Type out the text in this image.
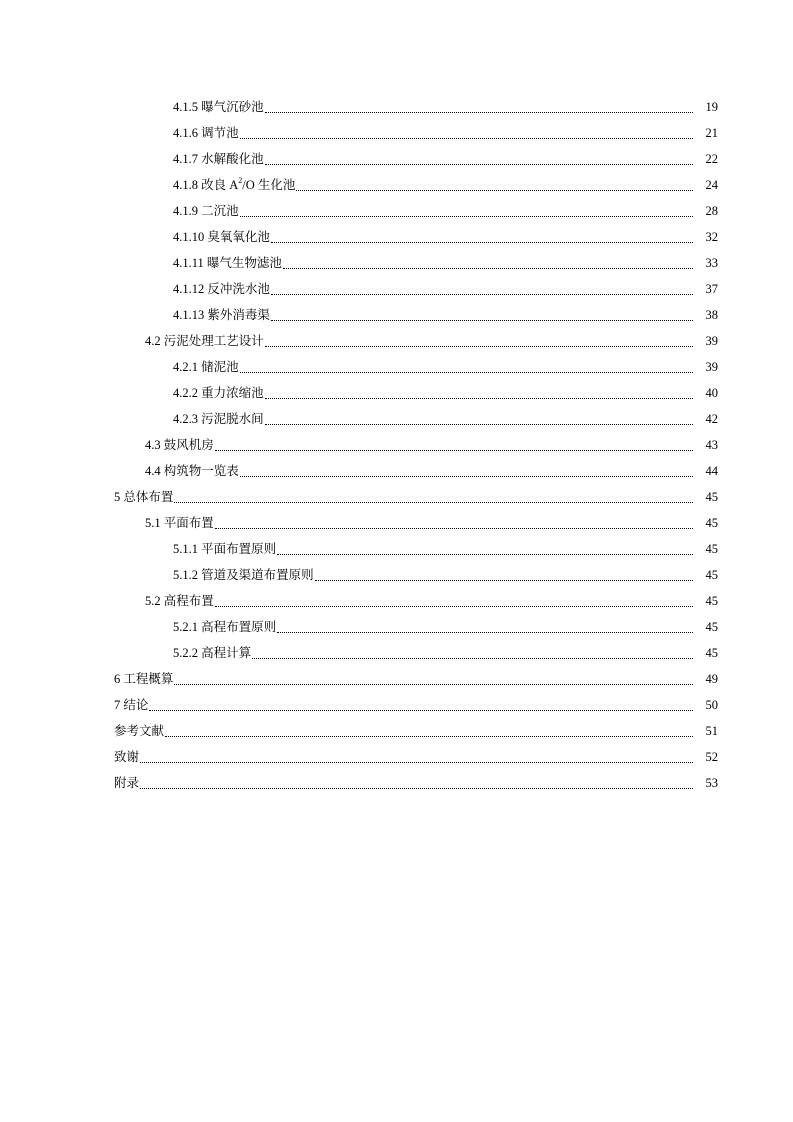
4.1.5 曝气沉砂池	19
4.1.6 调节池	21
4.1.7 水解酸化池	22
4.1.8 改良 $A^2/O$ 生化池	24
4.1.9 二沉池	28
4.1.10 臭氧氧化池	32
4.1.11 曝气生物滤池	33
4.1.12 反冲洗水池	37
4.1.13 紫外消毒渠	38
4.2 污泥处理工艺设计	39
4.2.1 储泥池	39
4.2.2 重力浓缩池	40
4.2.3 污泥脱水间	42
4.3 鼓风机房	43
4.4 构筑物一览表	44
5 总体布置	45
5.1 平面布置	45
5.1.1 平面布置原则	45
5.1.2 管道及渠道布置原则	45
5.2 高程布置	45
5.2.1 高程布置原则	45
5.2.2 高程计算	45
6 工程概算	49
7 结论	50
参考文献	51
致谢	52
附录	53
